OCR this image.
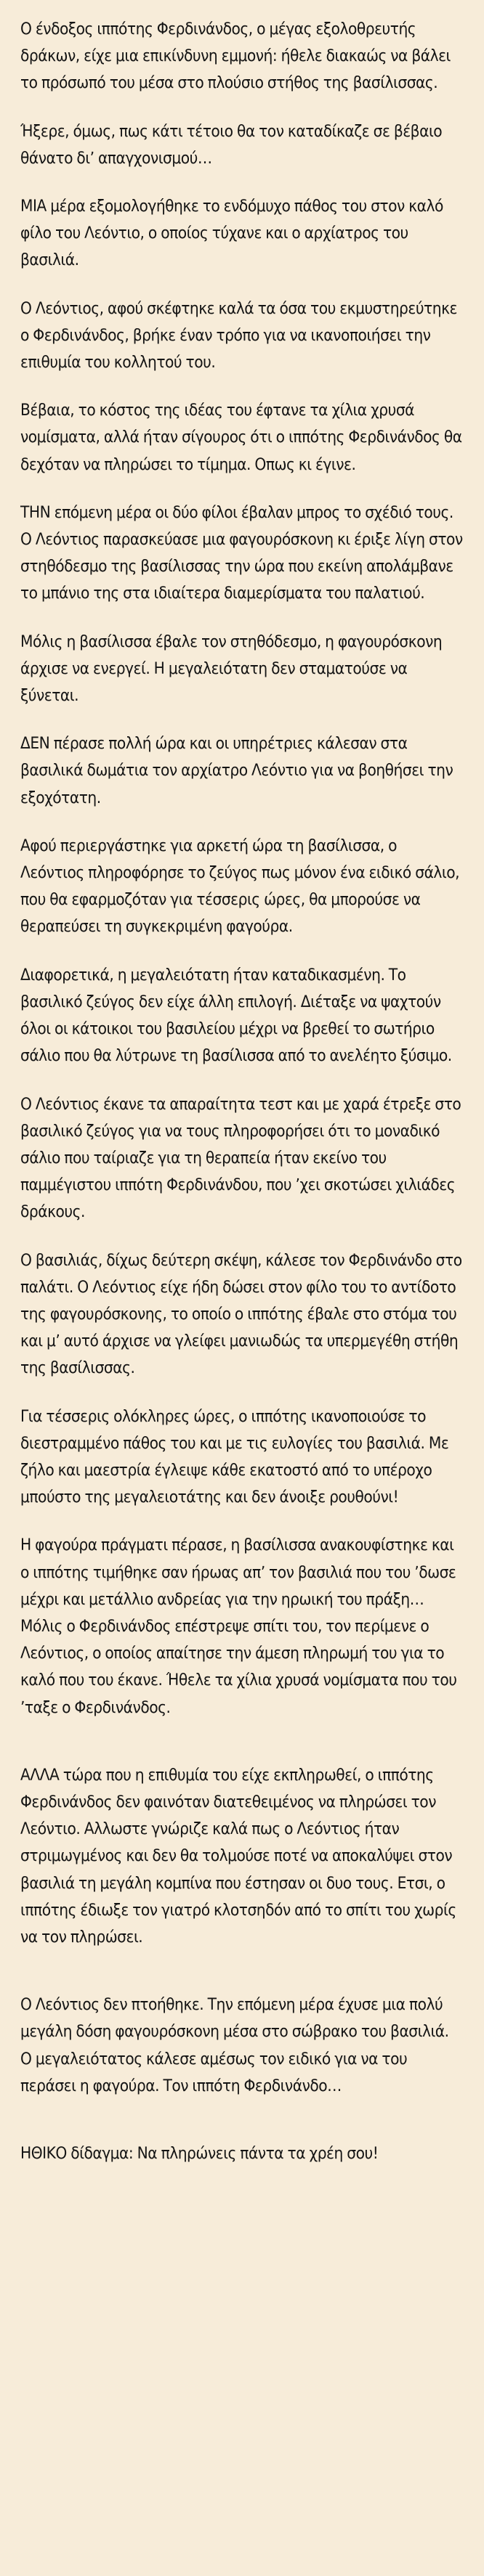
Ο ένδοξος ιππότης Φερδινάνδος, ο μέγας εξολοθρευτής δράκων, είχε μια επικίνδυνη εμμονή: ήθελε διακαώς να βάλει το πρόσωπό του μέσα στο πλούσιο στήθος της βασίλισσας.

Ήξερε, όμως, πως κάτι τέτοιο θα τον καταδίκαζε σε βέβαιο θάνατο διʼ απαγχονισμού…

ΜΙΑ μέρα εξομολογήθηκε το ενδόμυχο πάθος του στον καλό φίλο του Λεόντιο, ο οποίος τύχανε και ο αρχίατρος του βασιλιά.

Ο Λεόντιος, αφού σκέφτηκε καλά τα όσα του εκμυστηρεύτηκε ο Φερδινάνδος, βρήκε έναν τρόπο για να ικανοποιήσει την επιθυμία του κολλητού του.

Βέβαια, το κόστος της ιδέας του έφτανε τα χίλια χρυσά νομίσματα, αλλά ήταν σίγουρος ότι ο ιππότης Φερδινάνδος θα δεχόταν να πληρώσει το τίμημα. Οπως κι έγινε.

ΤΗΝ επόμενη μέρα οι δύο φίλοι έβαλαν μπρος το σχέδιό τους. Ο Λεόντιος παρασκεύασε μια φαγουρόσκονη κι έριξε λίγη στον στηθόδεσμο της βασίλισσας την ώρα που εκείνη απολάμβανε το μπάνιο της στα ιδιαίτερα διαμερίσματα του παλατιού.

Μόλις η βασίλισσα έβαλε τον στηθόδεσμο, η φαγουρόσκονη άρχισε να ενεργεί. Η μεγαλειότατη δεν σταματούσε να ξύνεται.

ΔΕΝ πέρασε πολλή ώρα και οι υπηρέτριες κάλεσαν στα βασιλικά δωμάτια τον αρχίατρο Λεόντιο για να βοηθήσει την εξοχότατη.

Αφού περιεργάστηκε για αρκετή ώρα τη βασίλισσα, ο Λεόντιος πληροφόρησε το ζεύγος πως μόνον ένα ειδικό σάλιο, που θα εφαρμοζόταν για τέσσερις ώρες, θα μπορούσε να θεραπεύσει τη συγκεκριμένη φαγούρα.

Διαφορετικά, η μεγαλειότατη ήταν καταδικασμένη. Το βασιλικό ζεύγος δεν είχε άλλη επιλογή. Διέταξε να ψαχτούν όλοι οι κάτοικοι του βασιλείου μέχρι να βρεθεί το σωτήριο σάλιο που θα λύτρωνε τη βασίλισσα από το ανελέητο ξύσιμο.

Ο Λεόντιος έκανε τα απαραίτητα τεστ και με χαρά έτρεξε στο βασιλικό ζεύγος για να τους πληροφορήσει ότι το μοναδικό σάλιο που ταίριαζε για τη θεραπεία ήταν εκείνο του παμμέγιστου ιππότη Φερδινάνδου, που ʼχει σκοτώσει χιλιάδες δράκους.

Ο βασιλιάς, δίχως δεύτερη σκέψη, κάλεσε τον Φερδινάνδο στο παλάτι. Ο Λεόντιος είχε ήδη δώσει στον φίλο του το αντίδοτο της φαγουρόσκονης, το οποίο ο ιππότης έβαλε στο στόμα του και μʼ αυτό άρχισε να γλείφει μανιωδώς τα υπερμεγέθη στήθη της βασίλισσας.

Για τέσσερις ολόκληρες ώρες, ο ιππότης ικανοποιούσε το διεστραμμένο πάθος του και με τις ευλογίες του βασιλιά. Με ζήλο και μαεστρία έγλειψε κάθε εκατοστό από το υπέροχο μπούστο της μεγαλειοτάτης και δεν άνοιξε ρουθούνι!

Η φαγούρα πράγματι πέρασε, η βασίλισσα ανακουφίστηκε και ο ιππότης τιμήθηκε σαν ήρωας απʼ τον βασιλιά που του ʼδωσε μέχρι και μετάλλιο ανδρείας για την ηρωική του πράξη… Μόλις ο Φερδινάνδος επέστρεψε σπίτι του, τον περίμενε ο Λεόντιος, ο οποίος απαίτησε την άμεση πληρωμή του για το καλό που του έκανε. Ήθελε τα χίλια χρυσά νομίσματα που του ʼταξε ο Φερδινάνδος.

ΑΛΛΑ τώρα που η επιθυμία του είχε εκπληρωθεί, ο ιππότης Φερδινάνδος δεν φαινόταν διατεθειμένος να πληρώσει τον Λεόντιο. Αλλωστε γνώριζε καλά πως ο Λεόντιος ήταν στριμωγμένος και δεν θα τολμούσε ποτέ να αποκαλύψει στον βασιλιά τη μεγάλη κομπίνα που έστησαν οι δυο τους. Ετσι, ο ιππότης έδιωξε τον γιατρό κλοτσηδόν από το σπίτι του χωρίς να τον πληρώσει.

Ο Λεόντιος δεν πτοήθηκε. Την επόμενη μέρα έχυσε μια πολύ μεγάλη δόση φαγουρόσκονη μέσα στο σώβρακο του βασιλιά. Ο μεγαλειότατος κάλεσε αμέσως τον ειδικό για να του περάσει η φαγούρα. Τον ιππότη Φερδινάνδο…

ΗΘΙΚΟ δίδαγμα: Να πληρώνεις πάντα τα χρέη σου!
